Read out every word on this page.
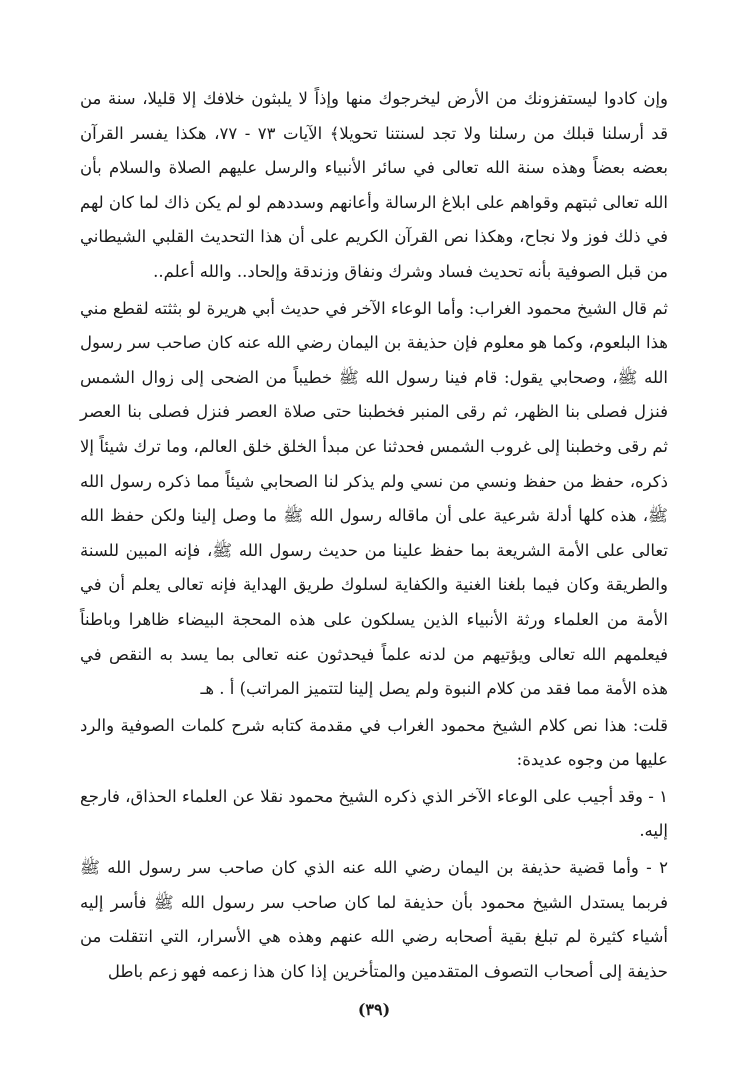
وإن كادوا ليستفزونك من الأرض ليخرجوك منها وإذاً لا يلبثون خلافك إلا قليلا، سنة من قد أرسلنا قبلك من رسلنا ولا تجد لسنتنا تحويلا﴾ الآيات ٧٣ - ٧٧، هكذا يفسر القرآن بعضه بعضاً وهذه سنة الله تعالى في سائر الأنبياء والرسل عليهم الصلاة والسلام بأن الله تعالى ثبتهم وقواهم على ابلاغ الرسالة وأعانهم وسددهم لو لم يكن ذاك لما كان لهم في ذلك فوز ولا نجاح، وهكذا نص القرآن الكريم على أن هذا التحديث القلبي الشيطاني من قبل الصوفية بأنه تحديث فساد وشرك ونفاق وزندقة وإلحاد.. والله أعلم..

ثم قال الشيخ محمود الغراب: وأما الوعاء الآخر في حديث أبي هريرة لو بثثته لقطع مني هذا البلعوم، وكما هو معلوم فإن حذيفة بن اليمان رضي الله عنه كان صاحب سر رسول الله ﷺ، وصحابي يقول: قام فينا رسول الله ﷺ خطيباً من الضحى إلى زوال الشمس فنزل فصلى بنا الظهر، ثم رقى المنبر فخطبنا حتى صلاة العصر فنزل فصلى بنا العصر ثم رقى وخطبنا إلى غروب الشمس فحدثنا عن مبدأ الخلق خلق العالم، وما ترك شيئاً إلا ذكره، حفظ من حفظ ونسي من نسي ولم يذكر لنا الصحابي شيئاً مما ذكره رسول الله ﷺ، هذه كلها أدلة شرعية على أن ماقاله رسول الله ﷺ ما وصل إلينا ولكن حفظ الله تعالى على الأمة الشريعة بما حفظ علينا من حديث رسول الله ﷺ، فإنه المبين للسنة والطريقة وكان فيما بلغنا الغنية والكفاية لسلوك طريق الهداية فإنه تعالى يعلم أن في الأمة من العلماء ورثة الأنبياء الذين يسلكون على هذه المحجة البيضاء ظاهرا وباطناً فيعلمهم الله تعالى ويؤتيهم من لدنه علماً فيحدثون عنه تعالى بما يسد به النقص في هذه الأمة مما فقد من كلام النبوة ولم يصل إلينا لتتميز المراتب) أ . هـ

قلت: هذا نص كلام الشيخ محمود الغراب في مقدمة كتابه شرح كلمات الصوفية والرد عليها من وجوه عديدة:

١ - وقد أجيب على الوعاء الآخر الذي ذكره الشيخ محمود نقلا عن العلماء الحذاق، فارجع إليه.

٢ - وأما قضية حذيفة بن اليمان رضي الله عنه الذي كان صاحب سر رسول الله ﷺ فربما يستدل الشيخ محمود بأن حذيفة لما كان صاحب سر رسول الله ﷺ فأسر إليه أشياء كثيرة لم تبلغ بقية أصحابه رضي الله عنهم وهذه هي الأسرار، التي انتقلت من حذيفة إلى أصحاب التصوف المتقدمين والمتأخرين إذا كان هذا زعمه فهو زعم باطل

(٣٩)
